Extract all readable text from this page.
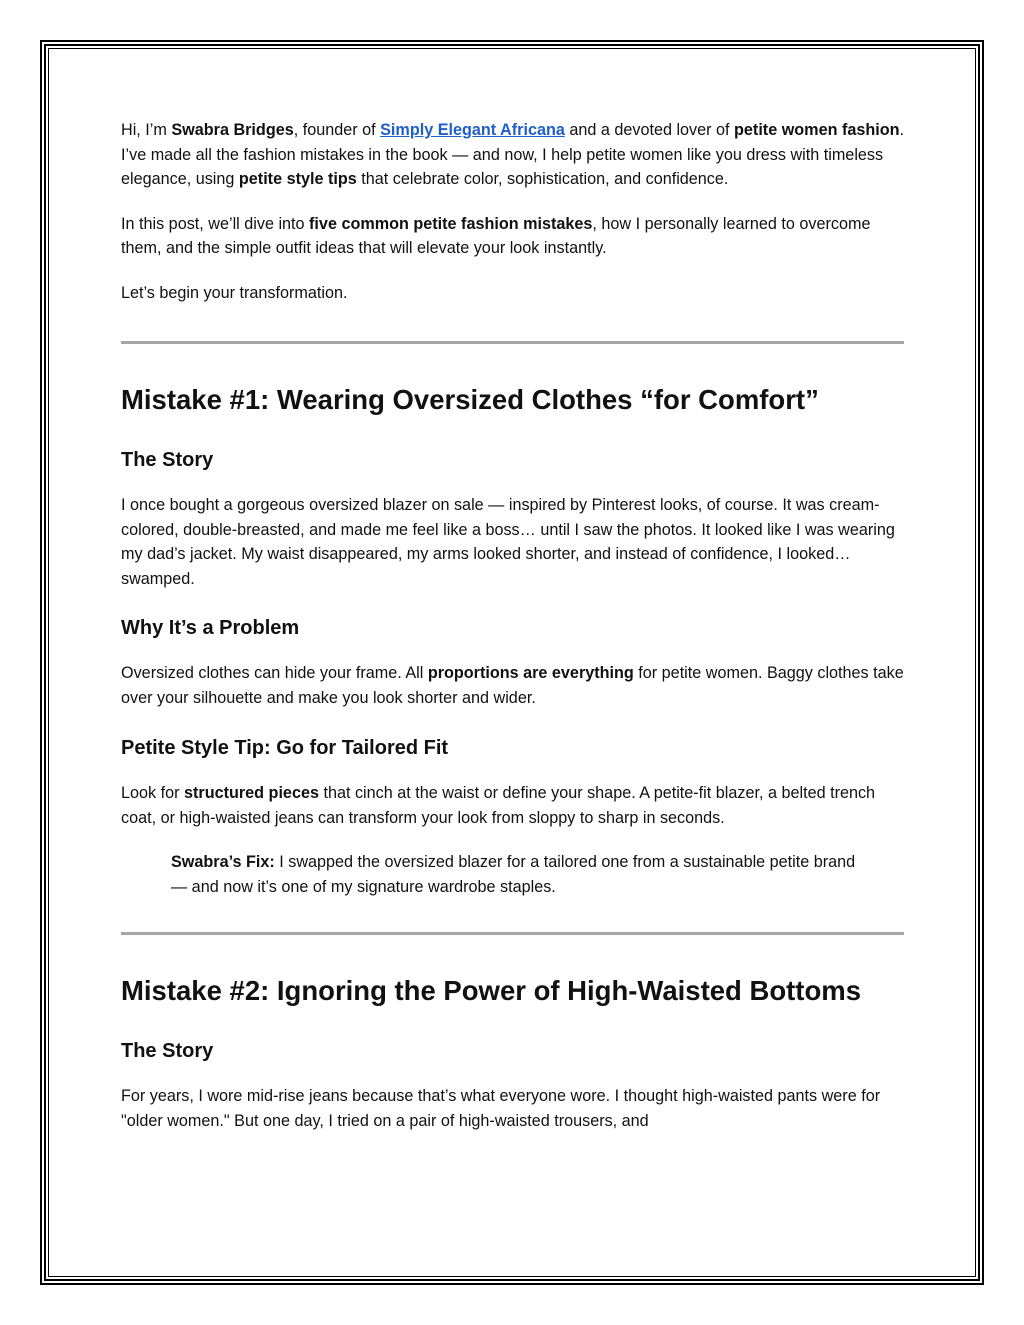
Hi, I’m Swabra Bridges, founder of Simply Elegant Africana and a devoted lover of petite women fashion. I’ve made all the fashion mistakes in the book — and now, I help petite women like you dress with timeless elegance, using petite style tips that celebrate color, sophistication, and confidence.

In this post, we’ll dive into five common petite fashion mistakes, how I personally learned to overcome them, and the simple outfit ideas that will elevate your look instantly.

Let’s begin your transformation.

Mistake #1: Wearing Oversized Clothes “for Comfort”
The Story

I once bought a gorgeous oversized blazer on sale — inspired by Pinterest looks, of course. It was cream-colored, double-breasted, and made me feel like a boss… until I saw the photos. It looked like I was wearing my dad’s jacket. My waist disappeared, my arms looked shorter, and instead of confidence, I looked… swamped.

Why It’s a Problem

Oversized clothes can hide your frame. All proportions are everything for petite women. Baggy clothes take over your silhouette and make you look shorter and wider.

Petite Style Tip: Go for Tailored Fit

Look for structured pieces that cinch at the waist or define your shape. A petite-fit blazer, a belted trench coat, or high-waisted jeans can transform your look from sloppy to sharp in seconds.

Swabra’s Fix: I swapped the oversized blazer for a tailored one from a sustainable petite brand — and now it’s one of my signature wardrobe staples.

Mistake #2: Ignoring the Power of High-Waisted Bottoms
The Story

For years, I wore mid-rise jeans because that’s what everyone wore. I thought high-waisted pants were for "older women." But one day, I tried on a pair of high-waisted trousers, and
